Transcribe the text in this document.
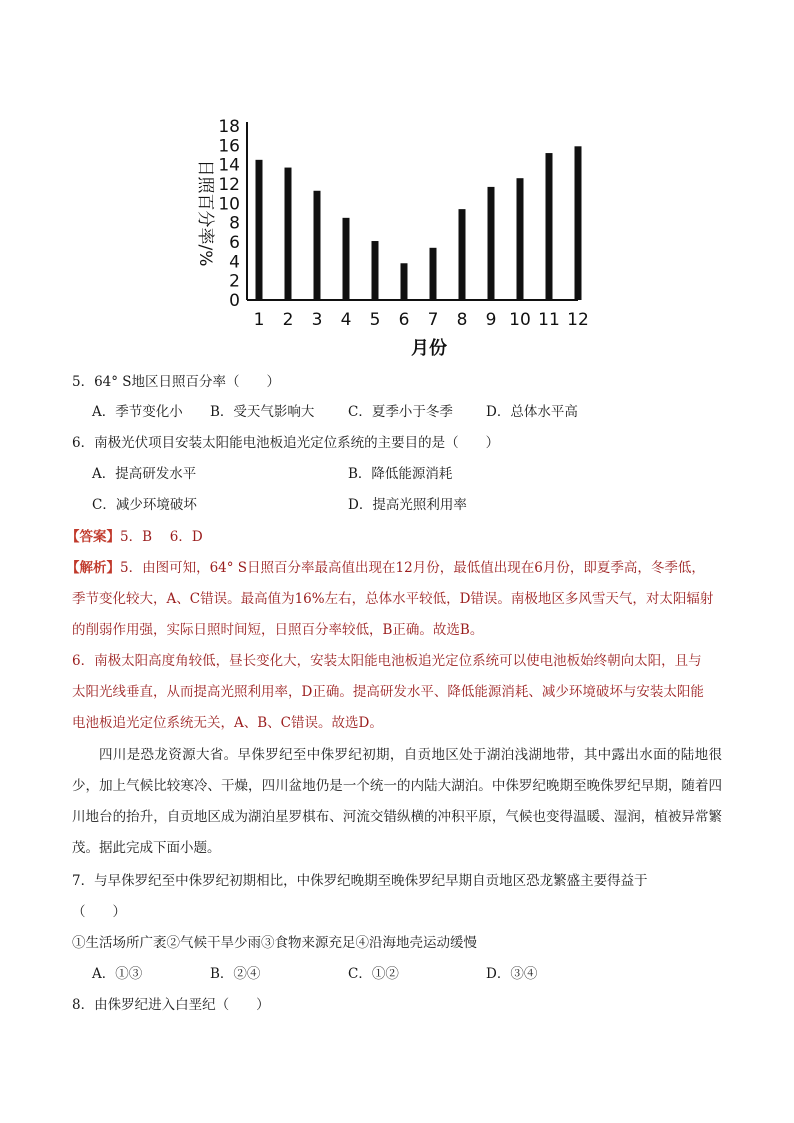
0
2
4
6
8
10
12
14
16
18
1 2 3 4 5 6 7 8 9 10 11 12
日照百分率/%
月份
5．64° S地区日照百分率（　　）
A．季节变化小 B．受天气影响大 C．夏季小于冬季 D．总体水平高
6．南极光伏项目安装太阳能电池板追光定位系统的主要目的是（　　）
A．提高研发水平	B．降低能源消耗
C．减少环境破坏	D．提高光照利用率
【答案】5．B　 6．D
【解析】5．由图可知，64° S日照百分率最高值出现在12月份，最低值出现在6月份，即夏季高，冬季低，
季节变化较大，A、C错误。最高值为16%左右，总体水平较低，D错误。南极地区多风雪天气，对太阳辐射
的削弱作用强，实际日照时间短，日照百分率较低，B正确。故选B。
6．南极太阳高度角较低，昼长变化大，安装太阳能电池板追光定位系统可以使电池板始终朝向太阳，且与
太阳光线垂直，从而提高光照利用率，D正确。提高研发水平、降低能源消耗、减少环境破坏与安装太阳能
电池板追光定位系统无关，A、B、C错误。故选D。
四川是恐龙资源大省。早侏罗纪至中侏罗纪初期，自贡地区处于湖泊浅湖地带，其中露出水面的陆地很少，加上气候比较寒冷、干燥，四川盆地仍是一个统一的内陆大湖泊。中侏罗纪晚期至晚侏罗纪早期，随着四川地台的抬升，自贡地区成为湖泊星罗棋布、河流交错纵横的冲积平原，气候也变得温暖、湿润，植被异常繁茂。据此完成下面小题。
7．与早侏罗纪至中侏罗纪初期相比，中侏罗纪晚期至晚侏罗纪早期自贡地区恐龙繁盛主要得益于
（　　）
①生活场所广袤②气候干旱少雨③食物来源充足④沿海地壳运动缓慢
A．①③	B．②④	C．①②	D．③④
8．由侏罗纪进入白垩纪（　　）
